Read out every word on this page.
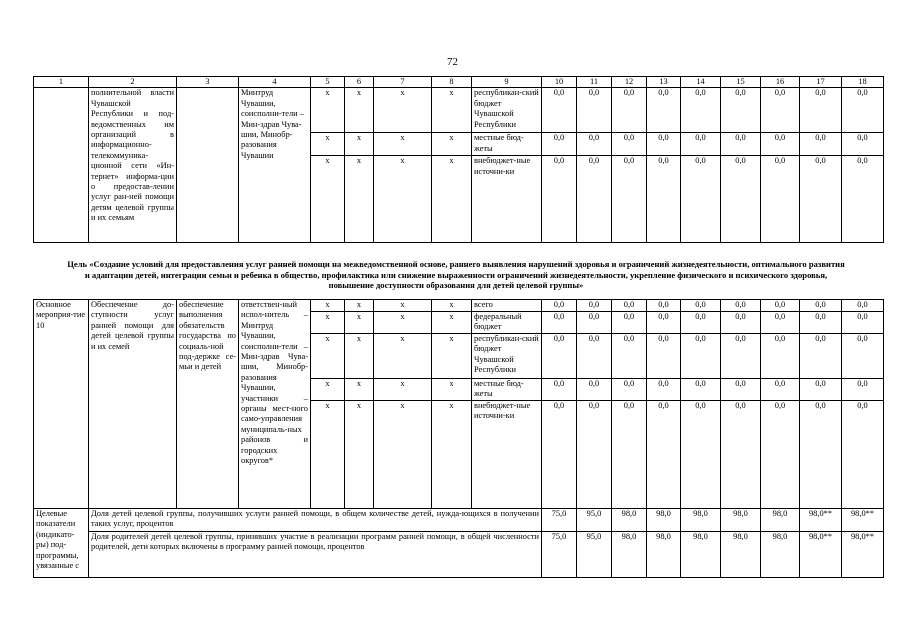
72
1	2	3	4	5	6	7	8	9	10	11	12	13	14	15	16	17	18
	полнительной власти Чувашской Республики и под-ведомственных им организаций в информационно-телекоммуника-ционной сети «Ин-тернет» информа-ции о предостав-лении услуг ран-ней помощи детям целевой группы и их семьям		Минтруд Чувашии, соисполни-тели – Мин-здрав Чува-шии, Минобр-разования Чувашии	x	x	x	x	республикан-ский бюджет Чувашской Республики	0,0	0,0	0,0	0,0	0,0	0,0	0,0	0,0	0,0
				x	x	x	x	местные бюд-жеты	0,0	0,0	0,0	0,0	0,0	0,0	0,0	0,0	0,0
				x	x	x	x	внебюджет-ные источни-ки	0,0	0,0	0,0	0,0	0,0	0,0	0,0	0,0	0,0
Цель «Создание условий для предоставления услуг ранней помощи на межведомственной основе, раннего выявления нарушений здоровья и ограничений жизнедеятельности, оптимального развития и адаптации детей, интеграции семьи и ребенка в общество, профилактика или снижение выраженности ограничений жизнедеятельности, укрепление физического и психического здоровья, повышение доступности образования для детей целевой группы»
Основное мероприя-тие 10	Обеспечение до-ступности услуг ранней помощи для детей целевой группы и их семей	обеспечение выполнения обязательств государства по социаль-ной под-держке се-мьи и детей	ответствен-ный испол-нитель – Минтруд Чувашии, соисполни-тели – Мин-здрав Чува-шии, Минобр-разования Чувашии, участники – органы мест-ного само-управления муниципаль-ных районов и городских округов*	x	x	x	x	всего	0,0	0,0	0,0	0,0	0,0	0,0	0,0	0,0	0,0
				x	x	x	x	федеральный бюджет	0,0	0,0	0,0	0,0	0,0	0,0	0,0	0,0	0,0
				x	x	x	x	республикан-ский бюджет Чувашской Республики	0,0	0,0	0,0	0,0	0,0	0,0	0,0	0,0	0,0
				x	x	x	x	местные бюд-жеты	0,0	0,0	0,0	0,0	0,0	0,0	0,0	0,0	0,0
				x	x	x	x	внебюджет-ные источни-ки	0,0	0,0	0,0	0,0	0,0	0,0	0,0	0,0	0,0
Целевые показатели (индикато-ры) под-программы, увязанные с	Доля детей целевой группы, получивших услуги ранней помощи, в общем количестве детей, нужда-ющихся в получении таких услуг, процентов								75,0	95,0	98,0	98,0	98,0	98,0	98,0	98,0**	98,0**
	Доля родителей детей целевой группы, принявших участие в реализации программ ранней помощи, в общей численности родителей, дети которых включены в программу ранней помощи, процентов								75,0	95,0	98,0	98,0	98,0	98,0	98,0	98,0**	98,0**
